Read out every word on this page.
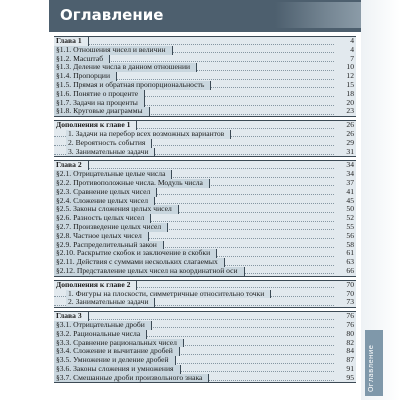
Оглавление
Оглавление
Глава 1	4
§1.1. Отношения чисел и величин	4
§1.2. Масштаб	7
§1.3. Деление числа в данном отношении	10
§1.4. Пропорции	12
§1.5. Прямая и обратная пропорциональность	15
§1.6. Понятие о проценте	18
§1.7. Задачи на проценты	20
§1.8. Круговые диаграммы	23
Дополнения к главе 1	26
1. Задачи на перебор всех возможных вариантов	26
2. Вероятность события	29
3. Занимательные задачи	31
Глава 2	34
§2.1. Отрицательные целые числа	34
§2.2. Противоположные числа. Модуль числа	37
§2.3. Сравнение целых чисел	41
§2.4. Сложение целых чисел	45
§2.5. Законы сложения целых чисел	50
§2.6. Разность целых чисел	52
§2.7. Произведение целых чисел	55
§2.8. Частное целых чисел	56
§2.9. Распределительный закон	58
§2.10. Раскрытие скобок и заключение в скобки	61
§2.11. Действия с суммами нескольких слагаемых	63
§2.12. Представление целых чисел на координатной оси	66
Дополнения к главе 2	70
1. Фигуры на плоскости, симметричные относительно точки	70
2. Занимательные задачи	73
Глава 3	76
§3.1. Отрицательные дроби	76
§3.2. Рациональные числа	80
§3.3. Сравнение рациональных чисел	82
§3.4. Сложение и вычитание дробей	84
§3.5. Умножение и деление дробей	87
§3.6. Законы сложения и умножения	91
§3.7. Смешанные дроби произвольного знака	95
